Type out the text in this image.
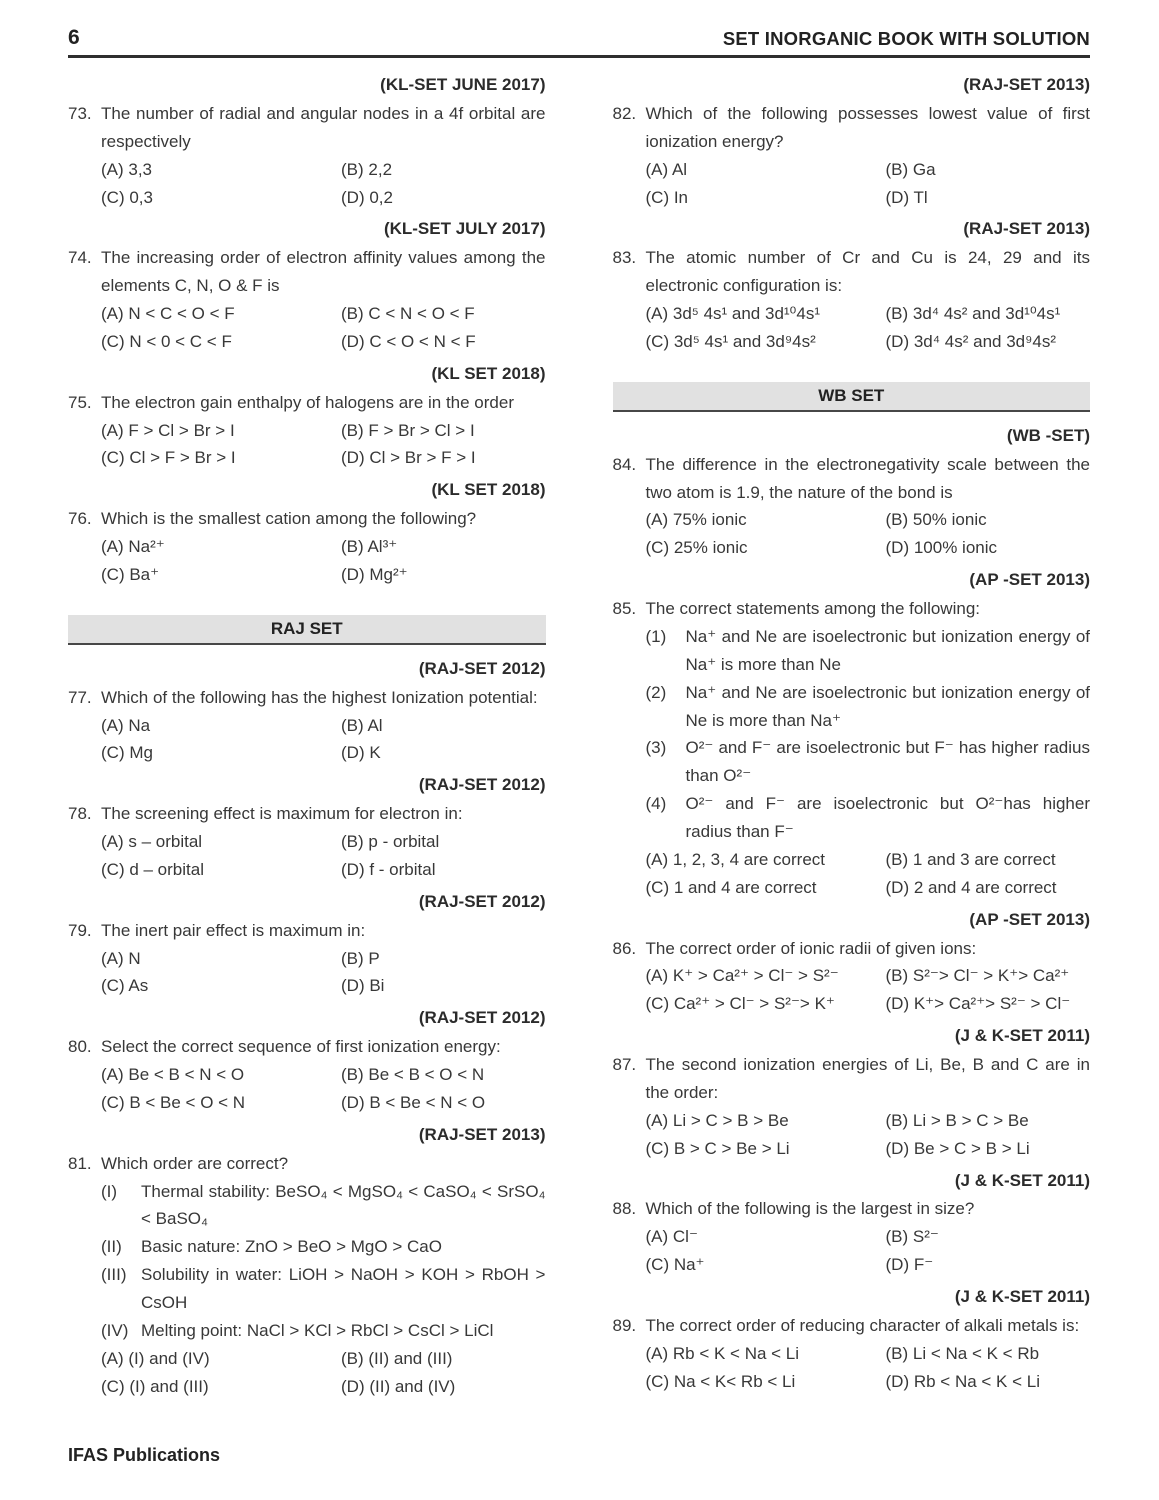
6	SET INORGANIC BOOK WITH SOLUTION
(KL-SET JUNE 2017)
73. The number of radial and angular nodes in a 4f orbital are respectively
(A) 3,3	(B) 2,2
(C) 0,3	(D) 0,2
(KL-SET JULY 2017)
74. The increasing order of electron affinity values among the elements C, N, O & F is
(A) N < C < O < F	(B) C < N < O < F
(C) N < 0 < C < F	(D) C < O < N < F
(KL SET 2018)
75. The electron gain enthalpy of halogens are in the order
(A) F > Cl > Br > I	(B) F > Br > Cl > I
(C) Cl > F > Br > I	(D) Cl > Br > F > I
(KL SET 2018)
76. Which is the smallest cation among the following?
(A) Na²⁺	(B) Al³⁺
(C) Ba⁺	(D) Mg²⁺
RAJ SET
(RAJ-SET 2012)
77. Which of the following has the highest Ionization potential:
(A) Na	(B) Al
(C) Mg	(D) K
(RAJ-SET 2012)
78. The screening effect is maximum for electron in:
(A) s – orbital	(B) p - orbital
(C) d – orbital	(D) f - orbital
(RAJ-SET 2012)
79. The inert pair effect is maximum in:
(A) N	(B) P
(C) As	(D) Bi
(RAJ-SET 2012)
80. Select the correct sequence of first ionization energy:
(A) Be < B < N < O	(B) Be < B < O < N
(C) B < Be < O < N	(D) B < Be < N < O
(RAJ-SET 2013)
81. Which order are correct?
(I)	Thermal stability: BeSO₄ < MgSO₄ < CaSO₄ < SrSO₄ < BaSO₄
(II)	Basic nature: ZnO > BeO > MgO > CaO
(III) Solubility in water: LiOH > NaOH > KOH > RbOH > CsOH
(IV) Melting point: NaCl > KCl > RbCl > CsCl > LiCl
(A) (I) and (IV)	(B) (II) and (III)
(C) (I) and (III)	(D) (II) and (IV)
(RAJ-SET 2013)
82. Which of the following possesses lowest value of first ionization energy?
(A) Al	(B) Ga
(C) In	(D) Tl
(RAJ-SET 2013)
83. The atomic number of Cr and Cu is 24, 29 and its electronic configuration is:
(A) 3d⁵ 4s¹ and 3d¹⁰4s¹	(B) 3d⁴ 4s² and 3d¹⁰4s¹
(C) 3d⁵ 4s¹ and 3d⁹4s²	(D) 3d⁴ 4s² and 3d⁹4s²
WB SET
(WB -SET)
84. The difference in the electronegativity scale between the two atom is 1.9, the nature of the bond is
(A) 75% ionic	(B) 50% ionic
(C) 25% ionic	(D) 100% ionic
(AP -SET 2013)
85. The correct statements among the following:
(1)	Na⁺ and Ne are isoelectronic but ionization energy of Na⁺ is more than Ne
(2)	Na⁺ and Ne are isoelectronic but ionization energy of Ne is more than Na⁺
(3)	O²⁻ and F⁻ are isoelectronic but F⁻ has higher radius than O²⁻
(4)	O²⁻ and F⁻ are isoelectronic but O²⁻has higher radius than F⁻
(A) 1, 2, 3, 4 are correct	(B) 1 and 3 are correct
(C) 1 and 4 are correct	(D) 2 and 4 are correct
(AP -SET 2013)
86. The correct order of ionic radii of given ions:
(A) K⁺ > Ca²⁺ > Cl⁻ > S²⁻	(B) S²⁻> Cl⁻ > K⁺> Ca²⁺
(C) Ca²⁺ > Cl⁻ > S²⁻> K⁺	(D) K⁺> Ca²⁺> S²⁻ > Cl⁻
(J & K-SET 2011)
87. The second ionization energies of Li, Be, B and C are in the order:
(A) Li > C > B > Be	(B) Li > B > C > Be
(C) B > C > Be > Li	(D) Be > C > B > Li
(J & K-SET 2011)
88. Which of the following is the largest in size?
(A) Cl⁻	(B) S²⁻
(C) Na⁺	(D) F⁻
(J & K-SET 2011)
89. The correct order of reducing character of alkali metals is:
(A) Rb < K < Na < Li	(B) Li < Na < K < Rb
(C) Na < K< Rb < Li	(D) Rb < Na < K < Li
IFAS Publications
